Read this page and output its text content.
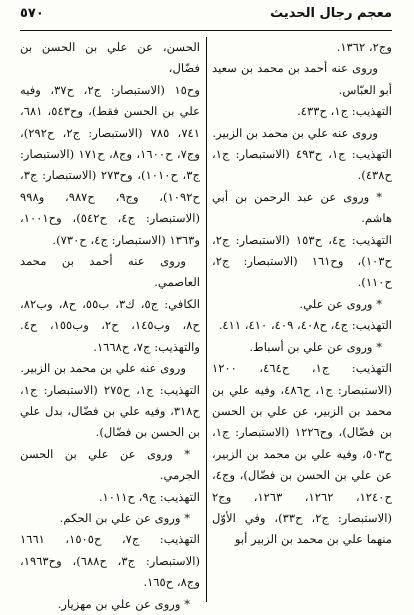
معجم رجال الحديث
٥٧٠

وج٢، ١٣٦٢.

وروى عنه أحمد بن محمد بن سعيد أبو العبّاس.

التهذيب: ج١، ح٤٣٣.

وروى عنه علي بن محمد بن الزبير.

التهذيب: ج١، ح٤٩٣ (الاستبصار: ج١، ح٤٣٨).

* وروى عن عبد الرحمن بن أبي هاشم.

التهذيب: ج٤، ح١٥٣ (الاستبصار: ج٢، ح١٠٣)، وح١٦١ (الاستبصار: ج٢، ح١١٠).

* وروى عن علي.

التهذيب: ج٤، ح٤٠٨، ٤٠٩، ٤١٠، ٤١١.

* وروى عن علي بن أسباط.

التهذيب: ج١، ح٤٦٤، ١٢٠٠ (الاستبصار: ج١، ح٤٨٦، وفيه علي بن محمد بن الزبير، عن علي بن الحسن بن فضّال)، وح١٢٢٦ (الاستبصار: ج١، ح٥٠٣، وفيه علي بن محمد بن الزبير، عن علي بن الحسن بن فضّال)، وج٤، ح١٢٤٠، ١٢٦٢، ١٢٦٣، وج٢ (الاستبصار: ج٢، ح٣٣)، وفي الأوّل منهما علي بن محمد بن الزبير أبو

الحسن، عن علي بن الحسن بن فضّال،

وح١٥ (الاستبصار: ج٢، ح٣٧، وفيه علي بن الحسن فقط)، وح٥٤٣، ٦٨١، ٧٤١، ٧٨٥ (الاستبصار: ج٢، ح٢٩٢)، وج٧، ح١٦٠٠، وج٨، ح١٧١ (الاستبصار: ج٣، ح١٠١٠)، وح٢٧٣ (الاستبصار: ج٣، ح١٠٩٢)، وج٩، ح٩٨٧، و٩٩٨ (الاستبصار: ج٤، ح٥٤٢)، وح١٠٠١، و١٣٦٣ (الاستبصار: ج٤، ح٧٣٠).

وروى عنه أحمد بن محمد العاصمي.

الكافي: ج٥، ك٣، ب٥٥، ح٨، وب٨٢، ح٨، وب١٤٥، ح٢، وب١٥٥، ح٤. والتهذيب: ج٧، ح١٦٦٨.

وروى عنه علي بن محمد بن الزبير.

التهذيب: ج١، ح٢٧٥ (الاستبصار: ج١، ح٣١٨، وفيه علي بن فضّال، بدل علي بن الحسن بن فضّال).

* وروى عن علي بن الحسن الجرمي.

التهذيب: ج٩، ح١٠١١.

* وروى عن علي بن الحكم.

التهذيب: ج٧، ح١٥٠٥، ١٦٦١ (الاستبصار: ج٣، ح٦٨٨)، وح١٩٦٣، وج٨، ح١٦٥.

* وروى عن علي بن مهزيار.
